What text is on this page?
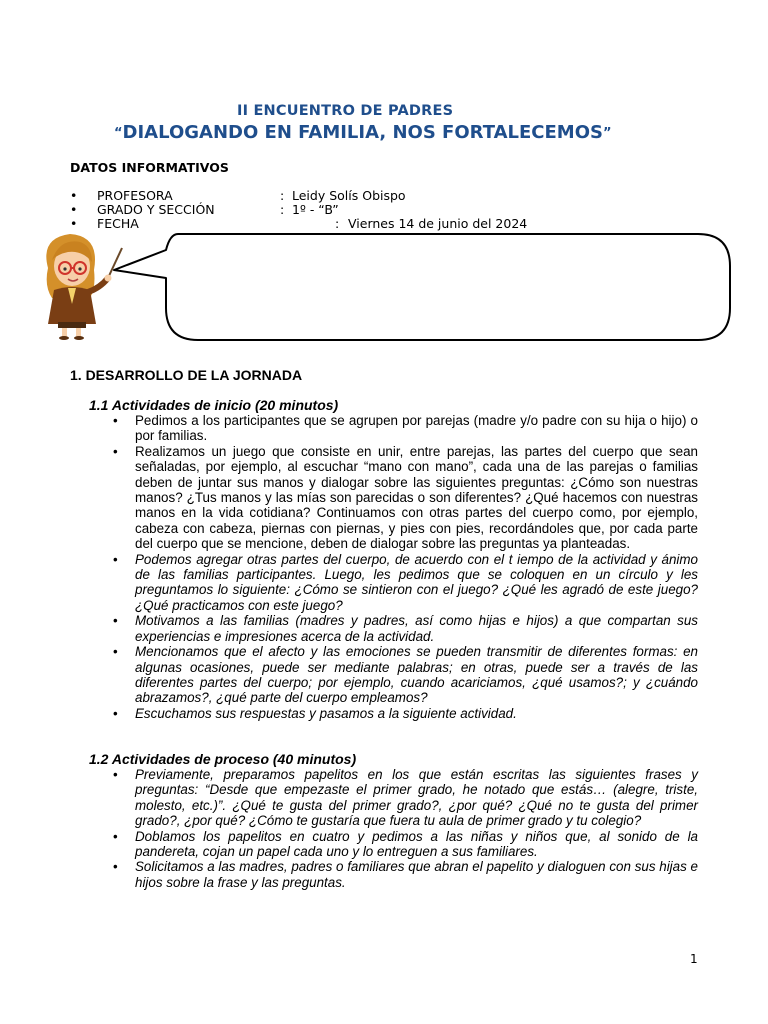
II ENCUENTRO DE PADRES
“DIALOGANDO EN FAMILIA, NOS FORTALECEMOS”
DATOS INFORMATIVOS
• PROFESORA	: Leidy Solís Obispo
• GRADO Y SECCIÓN	: 1º - “B”
• FECHA	: Viernes 14 de junio del 2024
1. DESARROLLO DE LA JORNADA
1.1 Actividades de inicio (20 minutos)
• Pedimos a los participantes que se agrupen por parejas (madre y/o padre con su hija o hijo) o por familias.
• Realizamos un juego que consiste en unir, entre parejas, las partes del cuerpo que sean señaladas, por ejemplo, al escuchar “mano con mano”, cada una de las parejas o familias deben de juntar sus manos y dialogar sobre las siguientes preguntas: ¿Cómo son nuestras manos? ¿Tus manos y las mías son parecidas o son diferentes? ¿Qué hacemos con nuestras manos en la vida cotidiana? Continuamos con otras partes del cuerpo como, por ejemplo, cabeza con cabeza, piernas con piernas, y pies con pies, recordándoles que, por cada parte del cuerpo que se mencione, deben de dialogar sobre las preguntas ya planteadas.
• Podemos agregar otras partes del cuerpo, de acuerdo con el t iempo de la actividad y ánimo de las familias participantes. Luego, les pedimos que se coloquen en un círculo y les preguntamos lo siguiente: ¿Cómo se sintieron con el juego? ¿Qué les agradó de este juego? ¿Qué practicamos con este juego?
• Motivamos a las familias (madres y padres, así como hijas e hijos) a que compartan sus experiencias e impresiones acerca de la actividad.
• Mencionamos que el afecto y las emociones se pueden transmitir de diferentes formas: en algunas ocasiones, puede ser mediante palabras; en otras, puede ser a través de las diferentes partes del cuerpo; por ejemplo, cuando acariciamos, ¿qué usamos?; y ¿cuándo abrazamos?, ¿qué parte del cuerpo empleamos?
• Escuchamos sus respuestas y pasamos a la siguiente actividad.
1.2 Actividades de proceso (40 minutos)
• Previamente, preparamos papelitos en los que están escritas las siguientes frases y preguntas: “Desde que empezaste el primer grado, he notado que estás… (alegre, triste, molesto, etc.)”. ¿Qué te gusta del primer grado?, ¿por qué? ¿Qué no te gusta del primer grado?, ¿por qué? ¿Cómo te gustaría que fuera tu aula de primer grado y tu colegio?
• Doblamos los papelitos en cuatro y pedimos a las niñas y niños que, al sonido de la pandereta, cojan un papel cada uno y lo entreguen a sus familiares.
• Solicitamos a las madres, padres o familiares que abran el papelito y dialoguen con sus hijas e hijos sobre la frase y las preguntas.
1
